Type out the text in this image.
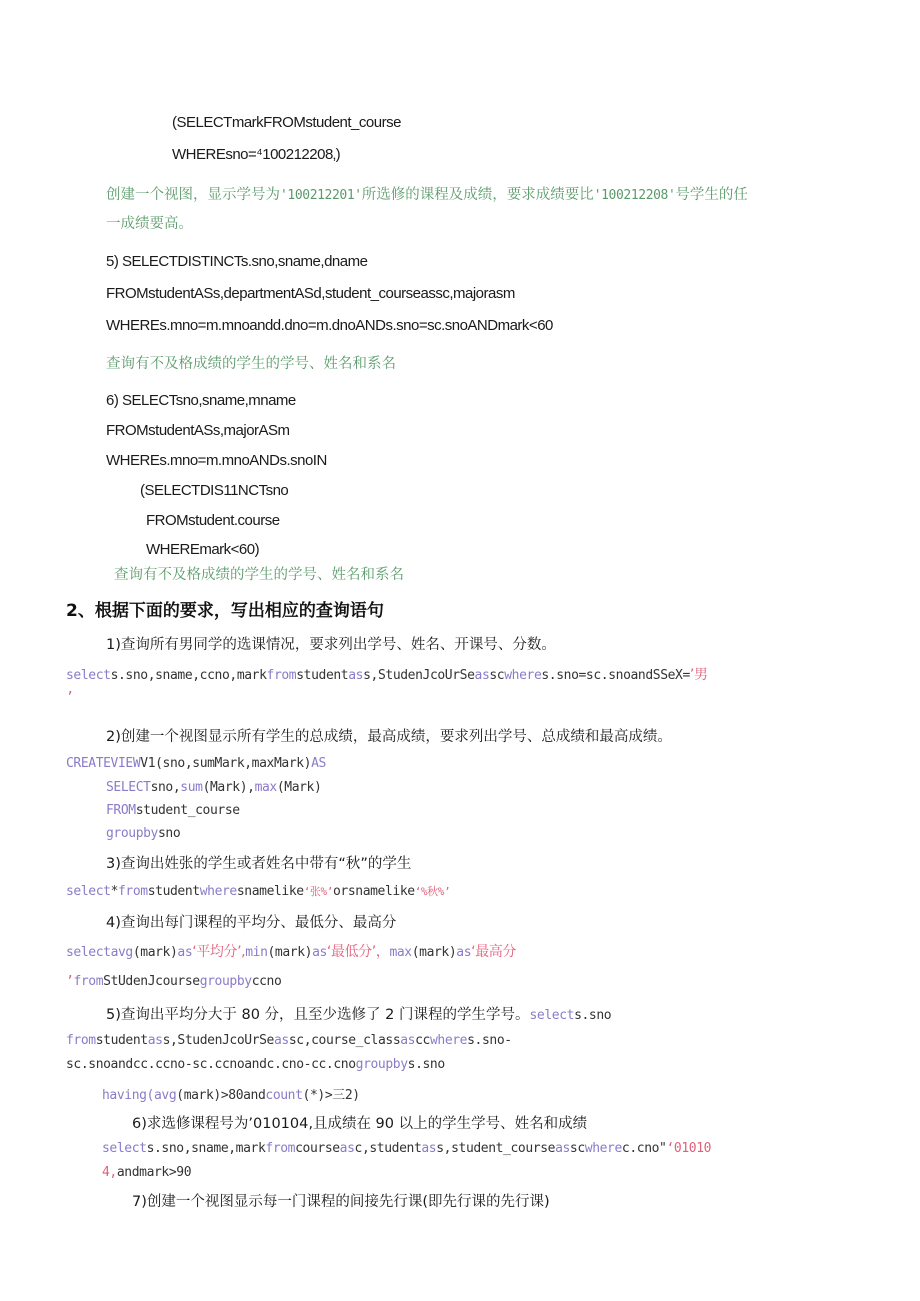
(SELECTmarkFROMstudent_course
WHEREsno=⁴100212208‚)
创建一个视图，显示学号为'100212201'所选修的课程及成绩，要求成绩要比'100212208'号学生的任
一成绩要高。
5) SELECTDISTINCTs.sno,sname,dname
FROMstudentASs,departmentASd,student_courseassc,majorasm
WHEREs.mno=m.mnoandd.dno=m.dnoANDs.sno=sc.snoANDmark<60
查询有不及格成绩的学生的学号、姓名和系名
6) SELECTsno,sname,mname
FROMstudentASs,majorASm
WHEREs.mno=m.mnoANDs.snoIN
(SELECTDIS11NCTsno
FROMstudent.course
WHEREmark<60)
查询有不及格成绩的学生的学号、姓名和系名
2、根据下面的要求，写出相应的查询语句
1)查询所有男同学的选课情况，要求列出学号、姓名、开课号、分数。
selects.sno,sname,ccno,markfromstudentass,StudenJcoUrSeasscwheres.sno=sc.snoandSSeX=’男
’
2)创建一个视图显示所有学生的总成绩，最高成绩，要求列出学号、总成绩和最高成绩。
CREATEVIEWV1(sno,sumMark,maxMark)AS
SELECTsno,sum(Mark),max(Mark)
FROMstudent_course
groupbysno
3)查询出姓张的学生或者姓名中带有“秋”的学生
select*fromstudentwheresnamelike‘张%’orsnamelike‘%秋%’
4)查询出每门课程的平均分、最低分、最高分
selectavg(mark)as‘平均分’,min(mark)as‘最低分’，max(mark)as‘最高分
’fromStUdenJcoursegroupbyccno
5)查询出平均分大于 80 分，且至少选修了 2 门课程的学生学号。selects.sno
fromstudentass,StudenJcoUrSeassc,course_classasccwheres.sno-
sc.snoandcc.ccno-sc.ccnoandc.cno-cc.cnogroupbys.sno
having(avg(mark)>80andcount(*)>三2)
6)求选修课程号为’010104‚且成绩在 90 以上的学生学号、姓名和成绩
selects.sno,sname,markfromcourseasc,studentass,student_courseasscwherec.cno"‘01010
4‚andmark>90
7)创建一个视图显示每一门课程的间接先行课(即先行课的先行课)
